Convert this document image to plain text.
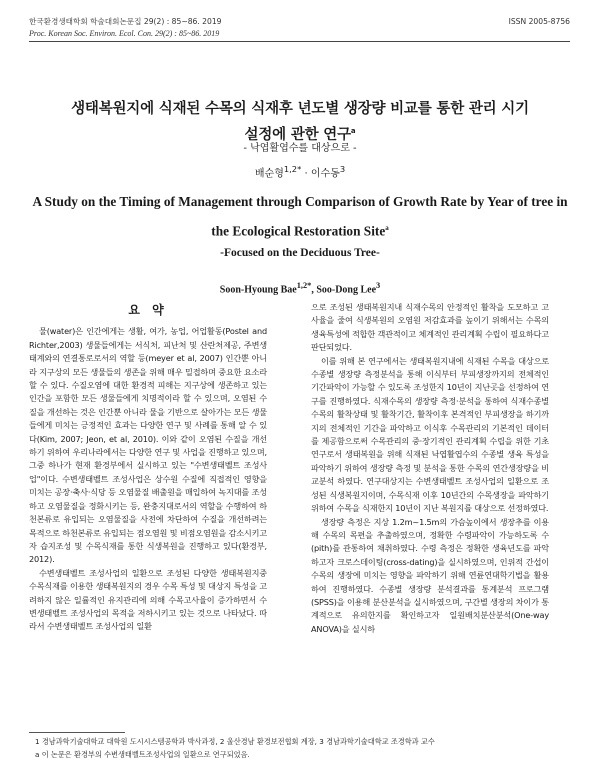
한국환경생태학회 학술대회논문집 29(2) : 85~86. 2019	ISSN 2005-8756
Proc. Korean Soc. Environ. Ecol. Con. 29(2) : 85~86. 2019
생태복원지에 식재된 수목의 식재후 년도별 생장량 비교를 통한 관리 시기
설정에 관한 연구$^a$
- 낙엽활엽수를 대상으로 -
배순형$^{1,2*}$ · 이수동$^3$
A Study on the Timing of Management through Comparison of Growth Rate by Year of tree in
the Ecological Restoration Site$^a$
-Focused on the Deciduous Tree-
Soon-Hyoung Bae$^{1,2*}$, Soo-Dong Lee$^3$
요 약

물(water)은 인간에게는 생활, 여가, 농업, 어업활동(Postel and Richter,2003) 생물들에게는 서식처, 피난처 및 산란처제공, 주변생태계와의 연결통로로서의 역할 등(meyer et al, 2007) 인간뿐 아니라 지구상의 모든 생물들의 생존을 위해 매우 밀접하며 중요한 요소라 할 수 있다. 수질오염에 대한 환경적 피해는 지구상에 생존하고 있는 인간을 포함한 모든 생물들에게 치명적이라 할 수 있으며, 오염된 수질을 개선하는 것은 인간뿐 아니라 물을 기반으로 살아가는 모든 생물들에게 미치는 긍정적인 효과는 다양한 연구 및 사례를 통해 알 수 있다(Kim, 2007; Jeon, et al, 2010). 이와 같이 오염된 수질을 개선 하기 위하여 우리나라에서는 다양한 연구 및 사업을 진행하고 있으며, 그중 하나가 현재 환경부에서 실시하고 있는 "수변생태벨트 조성사업"이다. 수변생태벨트 조성사업은 상수원 수질에 직접적인 영향을 미치는 공장·축사·식당 등 오염물질 배출원을 매입하여 녹지대를 조성하고 오염물질을 정화시키는 등, 완충지대로서의 역할을 수행하여 하천본류로 유입되는 오염물질을 사전에 차단하여 수질을 개선하려는 목적으로 하천본류로 유입되는 점오염원 및 비점오염원을 감소시키고자 습지조성 및 수목식재를 통한 식생복원을 진행하고 있다(환경부, 2012).

수변생태벨트 조성사업의 일환으로 조성된 다양한 생태복원지중 수목식재를 이용한 생태복원지의 경우 수목 특성 및 대상지 특성을 고려하지 않은 일률적인 유지관리에 의해 수목고사율이 증가하면서 수변생태벨트 조성사업의 목적을 저하시키고 있는 것으로 나타났다. 따라서 수변생태벨트 조성사업의 일환

으로 조성된 생태복원지내 식재수목의 안정적인 활착을 도모하고 고사율을 줄여 식생복원의 오염원 저감효과를 높이기 위해서는 수목의 생육특성에 적합한 객관적이고 체계적인 관리계획 수립이 필요하다고 판단되었다.

이를 위해 본 연구에서는 생태복원지내에 식재된 수목을 대상으로 수종별 생장량 측정분석을 통해 이식부터 부피생장까지의 전체적인 기간파악이 가능할 수 있도록 조성한지 10년이 지난곳을 선정하여 연구를 진행하였다. 식재수목의 생장량 측정·분석을 통하여 식재수종별 수목의 활착상태 및 활착기간, 활착이후 본격적인 부피생장을 하기까지의 전체적인 기간을 파악하고 이식후 수목관리의 기본적인 데이터를 제공함으로써 수목관리의 중·장기적인 관리계획 수립을 위한 기초연구로서 생태복원을 위해 식재된 낙엽활엽수의 수종별 생육 특성을 파악하기 위하여 생장량 측정 및 분석을 통한 수목의 연간생장량을 비교분석 하였다. 연구대상지는 수변생태벨트 조성사업의 일환으로 조성된 식생복원지이며, 수목식재 이후 10년간의 수목생장을 파악하기 위하여 수목을 식재한지 10년이 지난 복원지를 대상으로 선정하였다.

생장량 측정은 지상 1.2m~1.5m의 가슴높이에서 생장추를 이용해 수목의 목편을 추출하였으며, 정확한 수령파악이 가능하도록 수(pith)를 관통하여 채취하였다. 수령 측정은 정확한 생육년도를 파악하고자 크로스데이팅(cross-dating)을 실시하였으며, 인위적 간섭이 수목의 생장에 미치는 영향을 파악하기 위해 연륜연대학기법을 활용하여 진행하였다. 수종별 생장량 분석결과를 통계분석 프로그램(SPSS)을 이용해 분산분석을 실시하였으며, 구간별 생장의 차이가 통계적으로 유의한지를 확인하고자 일원배치분산분석(One-way ANOVA)을 실시하

1 경남과학기술대학교 대학원 도시시스템공학과 박사과정, 2 울산경남 환경보전협회 계장, 3 경남과학기술대학교 조경학과 교수
a 이 논문은 환경부의 수변생태벨트조성사업의 일환으로 연구되었음.
